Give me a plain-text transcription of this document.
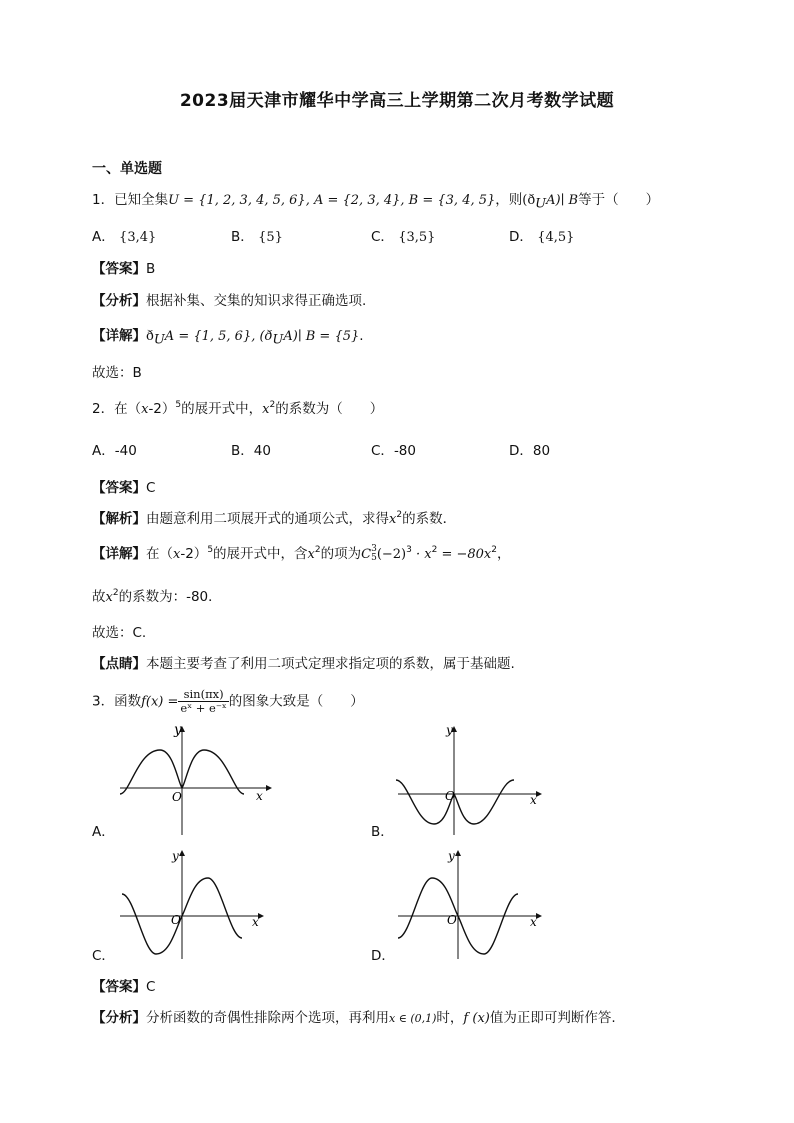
2023届天津市耀华中学高三上学期第二次月考数学试题
一、单选题
1．已知全集U = {1, 2, 3, 4, 5, 6}, A = {2, 3, 4}, B = {3, 4, 5}，则$(ð_UA)∣$ B等于（　　）
A． {3,4}	B． {5}	C． {3,5}	D． {4,5}
【答案】B
【分析】根据补集、交集的知识求得正确选项.
【详解】$ð_UA = \{1$, 5, 6}, $(ð_UA)∣$ B = {5}.
故选：B
2．在$(x-2)^5$的展开式中，$x^2$的系数为（　　）
A．-40	B．40	C．-80	D．80
【答案】C
【解析】由题意利用二项展开式的通项公式，求得$x^2$的系数．
【详解】在$(x-2)^5$的展开式中，含$x^2$的项为C 3
5 $(-2)^3 \cdot x^2 = -80x^2$，
故$x^2$的系数为：-80．
故选：C.
【点睛】本题主要考查了利用二项式定理求指定项的系数，属于基础题.
3．函数$f(x) = \frac{\sin(\pi x)}{\text{eˣ + e⁻ˣ}}$ 的图象大致是（　　）
y
x
O
A．
y
x
O
B．
y
x
O
C．
y
x
O
D．
【答案】C
【分析】分析函数的奇偶性排除两个选项，再利用x ∈ (0,1)时，f (x)值为正即可判断作答.
